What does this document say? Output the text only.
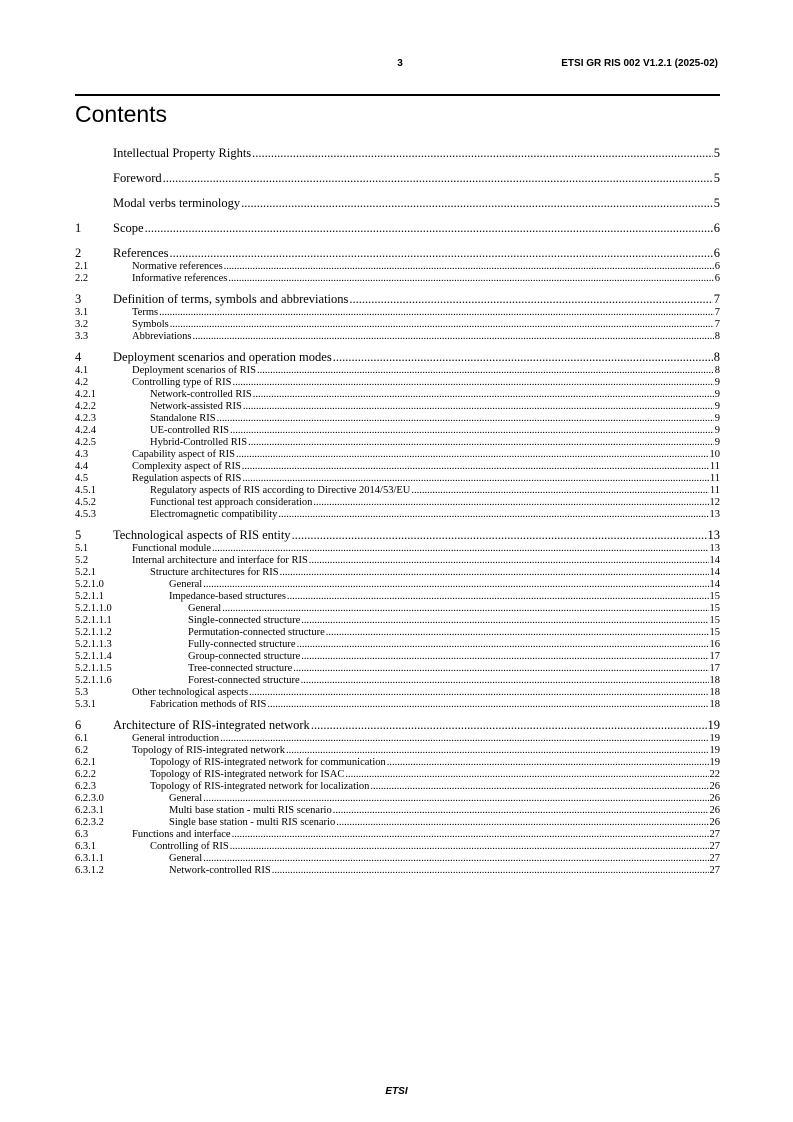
3	ETSI GR RIS 002 V1.2.1 (2025-02)
Contents
Intellectual Property Rights .....	5
Foreword .....	5
Modal verbs terminology .....	5
1	Scope .....	6
2	References .....	6
2.1	Normative references .....	6
2.2	Informative references .....	6
3	Definition of terms, symbols and abbreviations .....	7
3.1	Terms .....	7
3.2	Symbols .....	7
3.3	Abbreviations .....	8
4	Deployment scenarios and operation modes .....	8
4.1	Deployment scenarios of RIS .....	8
4.2	Controlling type of RIS .....	9
4.2.1	Network-controlled RIS .....	9
4.2.2	Network-assisted RIS .....	9
4.2.3	Standalone RIS .....	9
4.2.4	UE-controlled RIS .....	9
4.2.5	Hybrid-Controlled RIS .....	9
4.3	Capability aspect of RIS .....	10
4.4	Complexity aspect of RIS .....	11
4.5	Regulation aspects of RIS .....	11
4.5.1	Regulatory aspects of RIS according to Directive 2014/53/EU .....	11
4.5.2	Functional test approach consideration .....	12
4.5.3	Electromagnetic compatibility .....	13
5	Technological aspects of RIS entity .....	13
5.1	Functional module .....	13
5.2	Internal architecture and interface for RIS .....	14
5.2.1	Structure architectures for RIS .....	14
5.2.1.0	General .....	14
5.2.1.1	Impedance-based structures .....	15
5.2.1.1.0	General .....	15
5.2.1.1.1	Single-connected structure .....	15
5.2.1.1.2	Permutation-connected structure .....	15
5.2.1.1.3	Fully-connected structure .....	16
5.2.1.1.4	Group-connected structure .....	17
5.2.1.1.5	Tree-connected structure .....	17
5.2.1.1.6	Forest-connected structure .....	18
5.3	Other technological aspects .....	18
5.3.1	Fabrication methods of RIS .....	18
6	Architecture of RIS-integrated network .....	19
6.1	General introduction .....	19
6.2	Topology of RIS-integrated network .....	19
6.2.1	Topology of RIS-integrated network for communication .....	19
6.2.2	Topology of RIS-integrated network for ISAC .....	22
6.2.3	Topology of RIS-integrated network for localization .....	26
6.2.3.0	General .....	26
6.2.3.1	Multi base station - multi RIS scenario .....	26
6.2.3.2	Single base station - multi RIS scenario .....	26
6.3	Functions and interface .....	27
6.3.1	Controlling of RIS .....	27
6.3.1.1	General .....	27
6.3.1.2	Network-controlled RIS .....	27
ETSI
